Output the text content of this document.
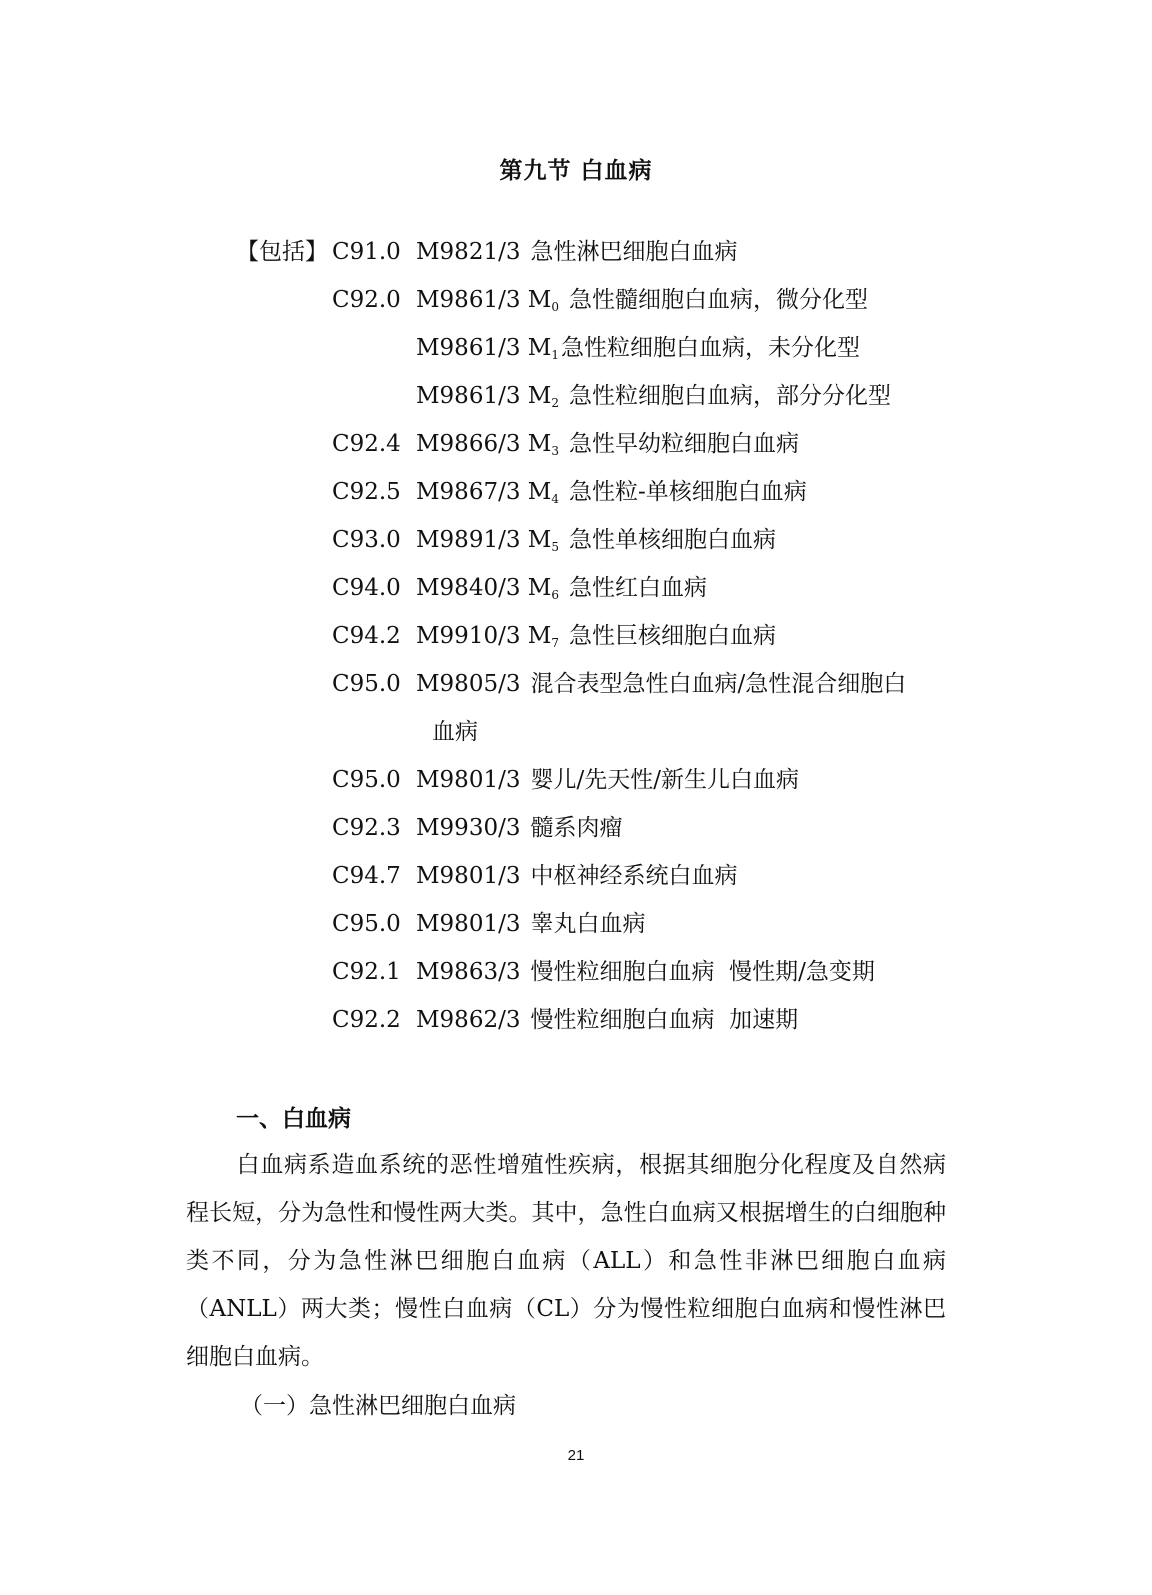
第九节 白血病
【包括】 C91.0 M9821/3 急性淋巴细胞白血病
C92.0 M9861/3 $M_0$ 急性髓细胞白血病，微分化型
M9861/3 $M_1$急性粒细胞白血病，未分化型
M9861/3 $M_2$ 急性粒细胞白血病，部分分化型
C92.4 M9866/3 $M_3$ 急性早幼粒细胞白血病
C92.5 M9867/3 $M_4$ 急性粒-单核细胞白血病
C93.0 M9891/3 $M_5$ 急性单核细胞白血病
C94.0 M9840/3 $M_6$ 急性红白血病
C94.2 M9910/3 $M_7$ 急性巨核细胞白血病
C95.0 M9805/3 混合表型急性白血病/急性混合细胞白
血病
C95.0 M9801/3 婴儿/先天性/新生儿白血病
C92.3 M9930/3 髓系肉瘤
C94.7 M9801/3 中枢神经系统白血病
C95.0 M9801/3 睾丸白血病
C92.1 M9863/3 慢性粒细胞白血病  慢性期/急变期
C92.2 M9862/3 慢性粒细胞白血病  加速期
一、白血病
白血病系造血系统的恶性增殖性疾病，根据其细胞分化程度及自然病程长短，分为急性和慢性两大类。其中，急性白血病又根据增生的白细胞种类不同，分为急性淋巴细胞白血病（ALL）和急性非淋巴细胞白血病（ANLL）两大类；慢性白血病（CL）分为慢性粒细胞白血病和慢性淋巴细胞白血病。
（一）急性淋巴细胞白血病
21
